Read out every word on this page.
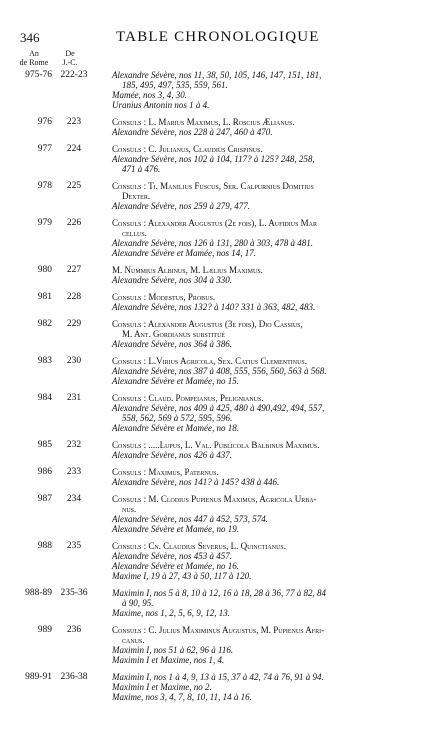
346	TABLE CHRONOLOGIQUE
An
de Rome
De
J.-C.
975-76 222-23	Alexandre Sévère, nos 11, 38, 50, 105, 146, 147, 151, 181,
185, 495, 497, 535, 559, 561.
Mamée, nos 3, 4, 30.
Uranius Antonin nos 1 à 4.
976	223	Consuls : L. Marius Maximus, L. Roscius Ælianus.
Alexandre Sévère, nos 228 à 247, 460 à 470.
977	224	Consuls : C. Julianus, Claudius Crispinus.
Alexandre Sévère, nos 102 à 104, 117? à 125? 248, 258,
471 à 476.
978	225	Consuls : Ti. Manilius Fuscus, Ser. Calpurnius Domitius
Dexter.
Alexandre Sévère, nos 259 à 279, 477.
979	226	Consuls : Alexander Augustus (2e fois), L. Aufidius Mar
cellus.
Alexandre Sévère, nos 126 à 131, 280 à 303, 478 à 481.
Alexandre Sévère et Mamée, nos 14, 17.
980	227	M. Nummius Albinus, M. Lælius Maximus.
Alexandre Sévère, nos 304 à 330.
981	228	Consuls : Modestus, Probus.
Alexandre Sévère, nos 132? à 140? 331 à 363, 482, 483.
982	229	Consuls : Alexander Augustus (3e fois), Dio Cassius,
M. Ant. Gordianus substitué
Alexandre Sévère, nos 364 à 386.
983	230	Consuls : L.Virius Agricola, Sex. Catius Clementinus.
Alexandre Sévère, nos 387 à 408, 555, 556, 560, 563 à 568.
Alexandre Sévère et Mamée, no 15.
984	231	Consuls : Claud. Pompeianus, Pelignianus.
Alexandre Sévère, nos 409 à 425, 480 à 490,492, 494, 557,
558, 562, 569 à 572, 595, 596.
Alexandre Sévère et Mamée, no 18.
985	232	Consuls : .....Lupus, L. Val. Publicola Balbinus Maximus.
Alexandre Sévère, nos 426 à 437.
986	233	Consuls : Maximus, Paternus.
Alexandre Sévère, nos 141? à 145? 438 à 446.
987	234	Consuls : M. Clodius Pupienus Maximus, Agricola Urba-
nus.
Alexandre Sévère, nos 447 à 452, 573, 574.
Alexandre Sévère et Mamée, no 19.
988	235	Consuls : Cn. Claudius Severus, L. Quinctianus.
Alexandre Sévère, nos 453 à 457.
Alexandre Sévère et Mamée, no 16.
Maxime I, 19 à 27, 43 à 50, 117 à 120.
988-89 235-36	Maximin I, nos 5 à 8, 10 à 12, 16 à 18, 28 à 36, 77 à 82, 84
à 90, 95.
Maxime, nos 1, 2, 5, 6, 9, 12, 13.
989	236	Consuls : C. Julius Maximinus Augustus, M. Pupienus Afri-
canus.
Maximin I, nos 51 à 62, 96 à 116.
Maximin I et Maxime, nos 1, 4.
989-91 236-38	Maximin I, nos 1 à 4, 9, 13 à 15, 37 à 42, 74 à 76, 91 à 94.
Maximin I et Maxime, no 2.
Maxime, nos 3, 4, 7, 8, 10, 11, 14 à 16.
